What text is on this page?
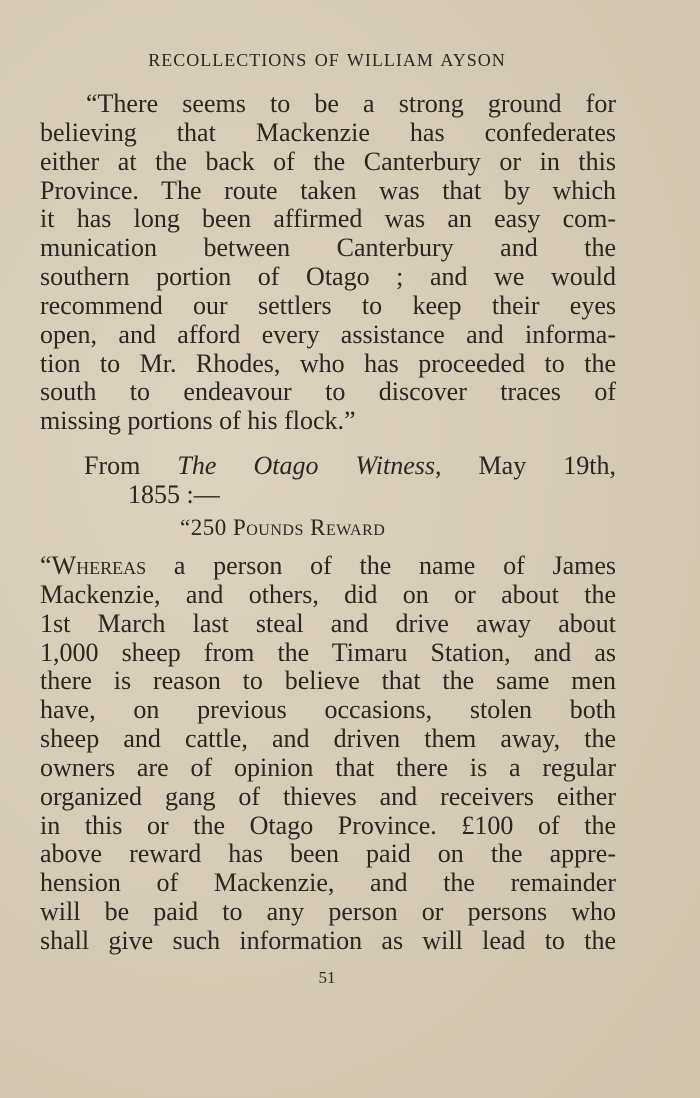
RECOLLECTIONS OF WILLIAM AYSON
“There seems to be a strong ground for
believing that Mackenzie has confederates
either at the back of the Canterbury or in this
Province. The route taken was that by which
it has long been affirmed was an easy com-
munication between Canterbury and the
southern portion of Otago ; and we would
recommend our settlers to keep their eyes
open, and afford every assistance and informa-
tion to Mr. Rhodes, who has proceeded to the
south to endeavour to discover traces of
missing portions of his flock.”
From The Otago Witness, May 19th,
1855 :—
“250 Pounds Reward
“Whereas a person of the name of James
Mackenzie, and others, did on or about the
1st March last steal and drive away about
1,000 sheep from the Timaru Station, and as
there is reason to believe that the same men
have, on previous occasions, stolen both
sheep and cattle, and driven them away, the
owners are of opinion that there is a regular
organized gang of thieves and receivers either
in this or the Otago Province. £100 of the
above reward has been paid on the appre-
hension of Mackenzie, and the remainder
will be paid to any person or persons who
shall give such information as will lead to the
51
